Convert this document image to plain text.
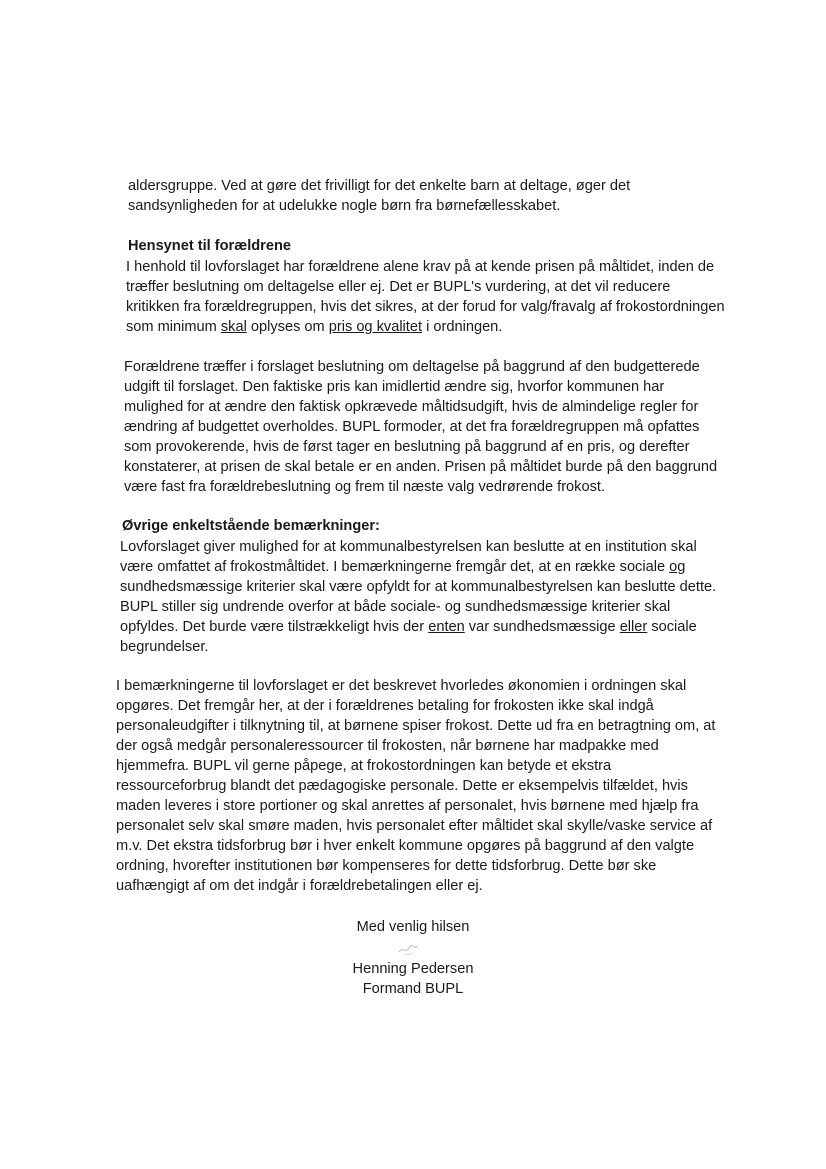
aldersgruppe. Ved at gøre det frivilligt for det enkelte barn at deltage, øger det
sandsynligheden for at udelukke nogle børn fra børnefællesskabet.
Hensynet til forældrene
I henhold til lovforslaget har forældrene alene krav på at kende prisen på måltidet, inden de
træffer beslutning om deltagelse eller ej. Det er BUPL's vurdering, at det vil reducere
kritikken fra forældregruppen, hvis det sikres, at der forud for valg/fravalg af frokostordningen
som minimum skal oplyses om pris og kvalitet i ordningen.
Forældrene træffer i forslaget beslutning om deltagelse på baggrund af den budgetterede
udgift til forslaget. Den faktiske pris kan imidlertid ændre sig, hvorfor kommunen har
mulighed for at ændre den faktisk opkrævede måltidsudgift, hvis de almindelige regler for
ændring af budgettet overholdes. BUPL formoder, at det fra forældregruppen må opfattes
som provokerende, hvis de først tager en beslutning på baggrund af en pris, og derefter
konstaterer, at prisen de skal betale er en anden. Prisen på måltidet burde på den baggrund
være fast fra forældrebeslutning og frem til næste valg vedrørende frokost.
Øvrige enkeltstående bemærkninger:
Lovforslaget giver mulighed for at kommunalbestyrelsen kan beslutte at en institution skal
være omfattet af frokostmåltidet. I bemærkningerne fremgår det, at en række sociale og
sundhedsmæssige kriterier skal være opfyldt for at kommunalbestyrelsen kan beslutte dette.
BUPL stiller sig undrende overfor at både sociale- og sundhedsmæssige kriterier skal
opfyldes. Det burde være tilstrækkeligt hvis der enten var sundhedsmæssige eller sociale
begrundelser.
I bemærkningerne til lovforslaget er det beskrevet hvorledes økonomien i ordningen skal
opgøres. Det fremgår her, at der i forældrenes betaling for frokosten ikke skal indgå
personaleudgifter i tilknytning til, at børnene spiser frokost. Dette ud fra en betragtning om, at
der også medgår personaleressourcer til frokosten, når børnene har madpakke med
hjemmefra. BUPL vil gerne påpege, at frokostordningen kan betyde et ekstra
ressourceforbrug blandt det pædagogiske personale. Dette er eksempelvis tilfældet, hvis
maden leveres i store portioner og skal anrettes af personalet, hvis børnene med hjælp fra
personalet selv skal smøre maden, hvis personalet efter måltidet skal skylle/vaske service af
m.v. Det ekstra tidsforbrug bør i hver enkelt kommune opgøres på baggrund af den valgte
ordning, hvorefter institutionen bør kompenseres for dette tidsforbrug. Dette bør ske
uafhængigt af om det indgår i forældrebetalingen eller ej.
Med venlig hilsen
Henning Pedersen
Formand BUPL
